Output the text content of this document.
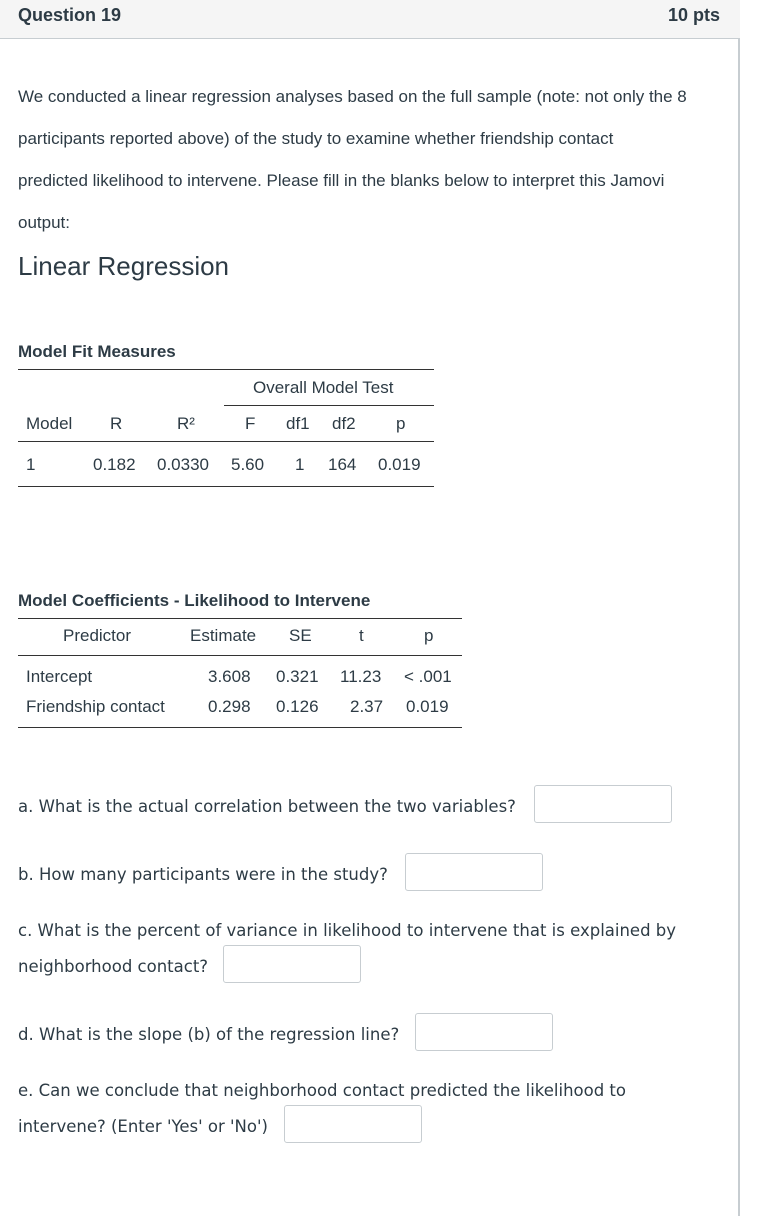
Question 19	10 pts
We conducted a linear regression analyses based on the full sample (note: not only the 8
participants reported above) of the study to examine whether friendship contact
predicted likelihood to intervene. Please fill in the blanks below to interpret this Jamovi
output:
Linear Regression
Model Fit Measures
Overall Model Test
Model R	R²	F df1 df2 p
1	0.182 0.0330 5.60 1 164 0.019
Model Coefficients - Likelihood to Intervene
Predictor	Estimate SE	t	p
Intercept	3.608 0.321 11.23 < .001
Friendship contact	0.298 0.126 2.37 0.019
a. What is the actual correlation between the two variables?
b. How many participants were in the study?
c. What is the percent of variance in likelihood to intervene that is explained by
neighborhood contact?
d. What is the slope (b) of the regression line?
e. Can we conclude that neighborhood contact predicted the likelihood to
intervene? (Enter 'Yes' or 'No')
